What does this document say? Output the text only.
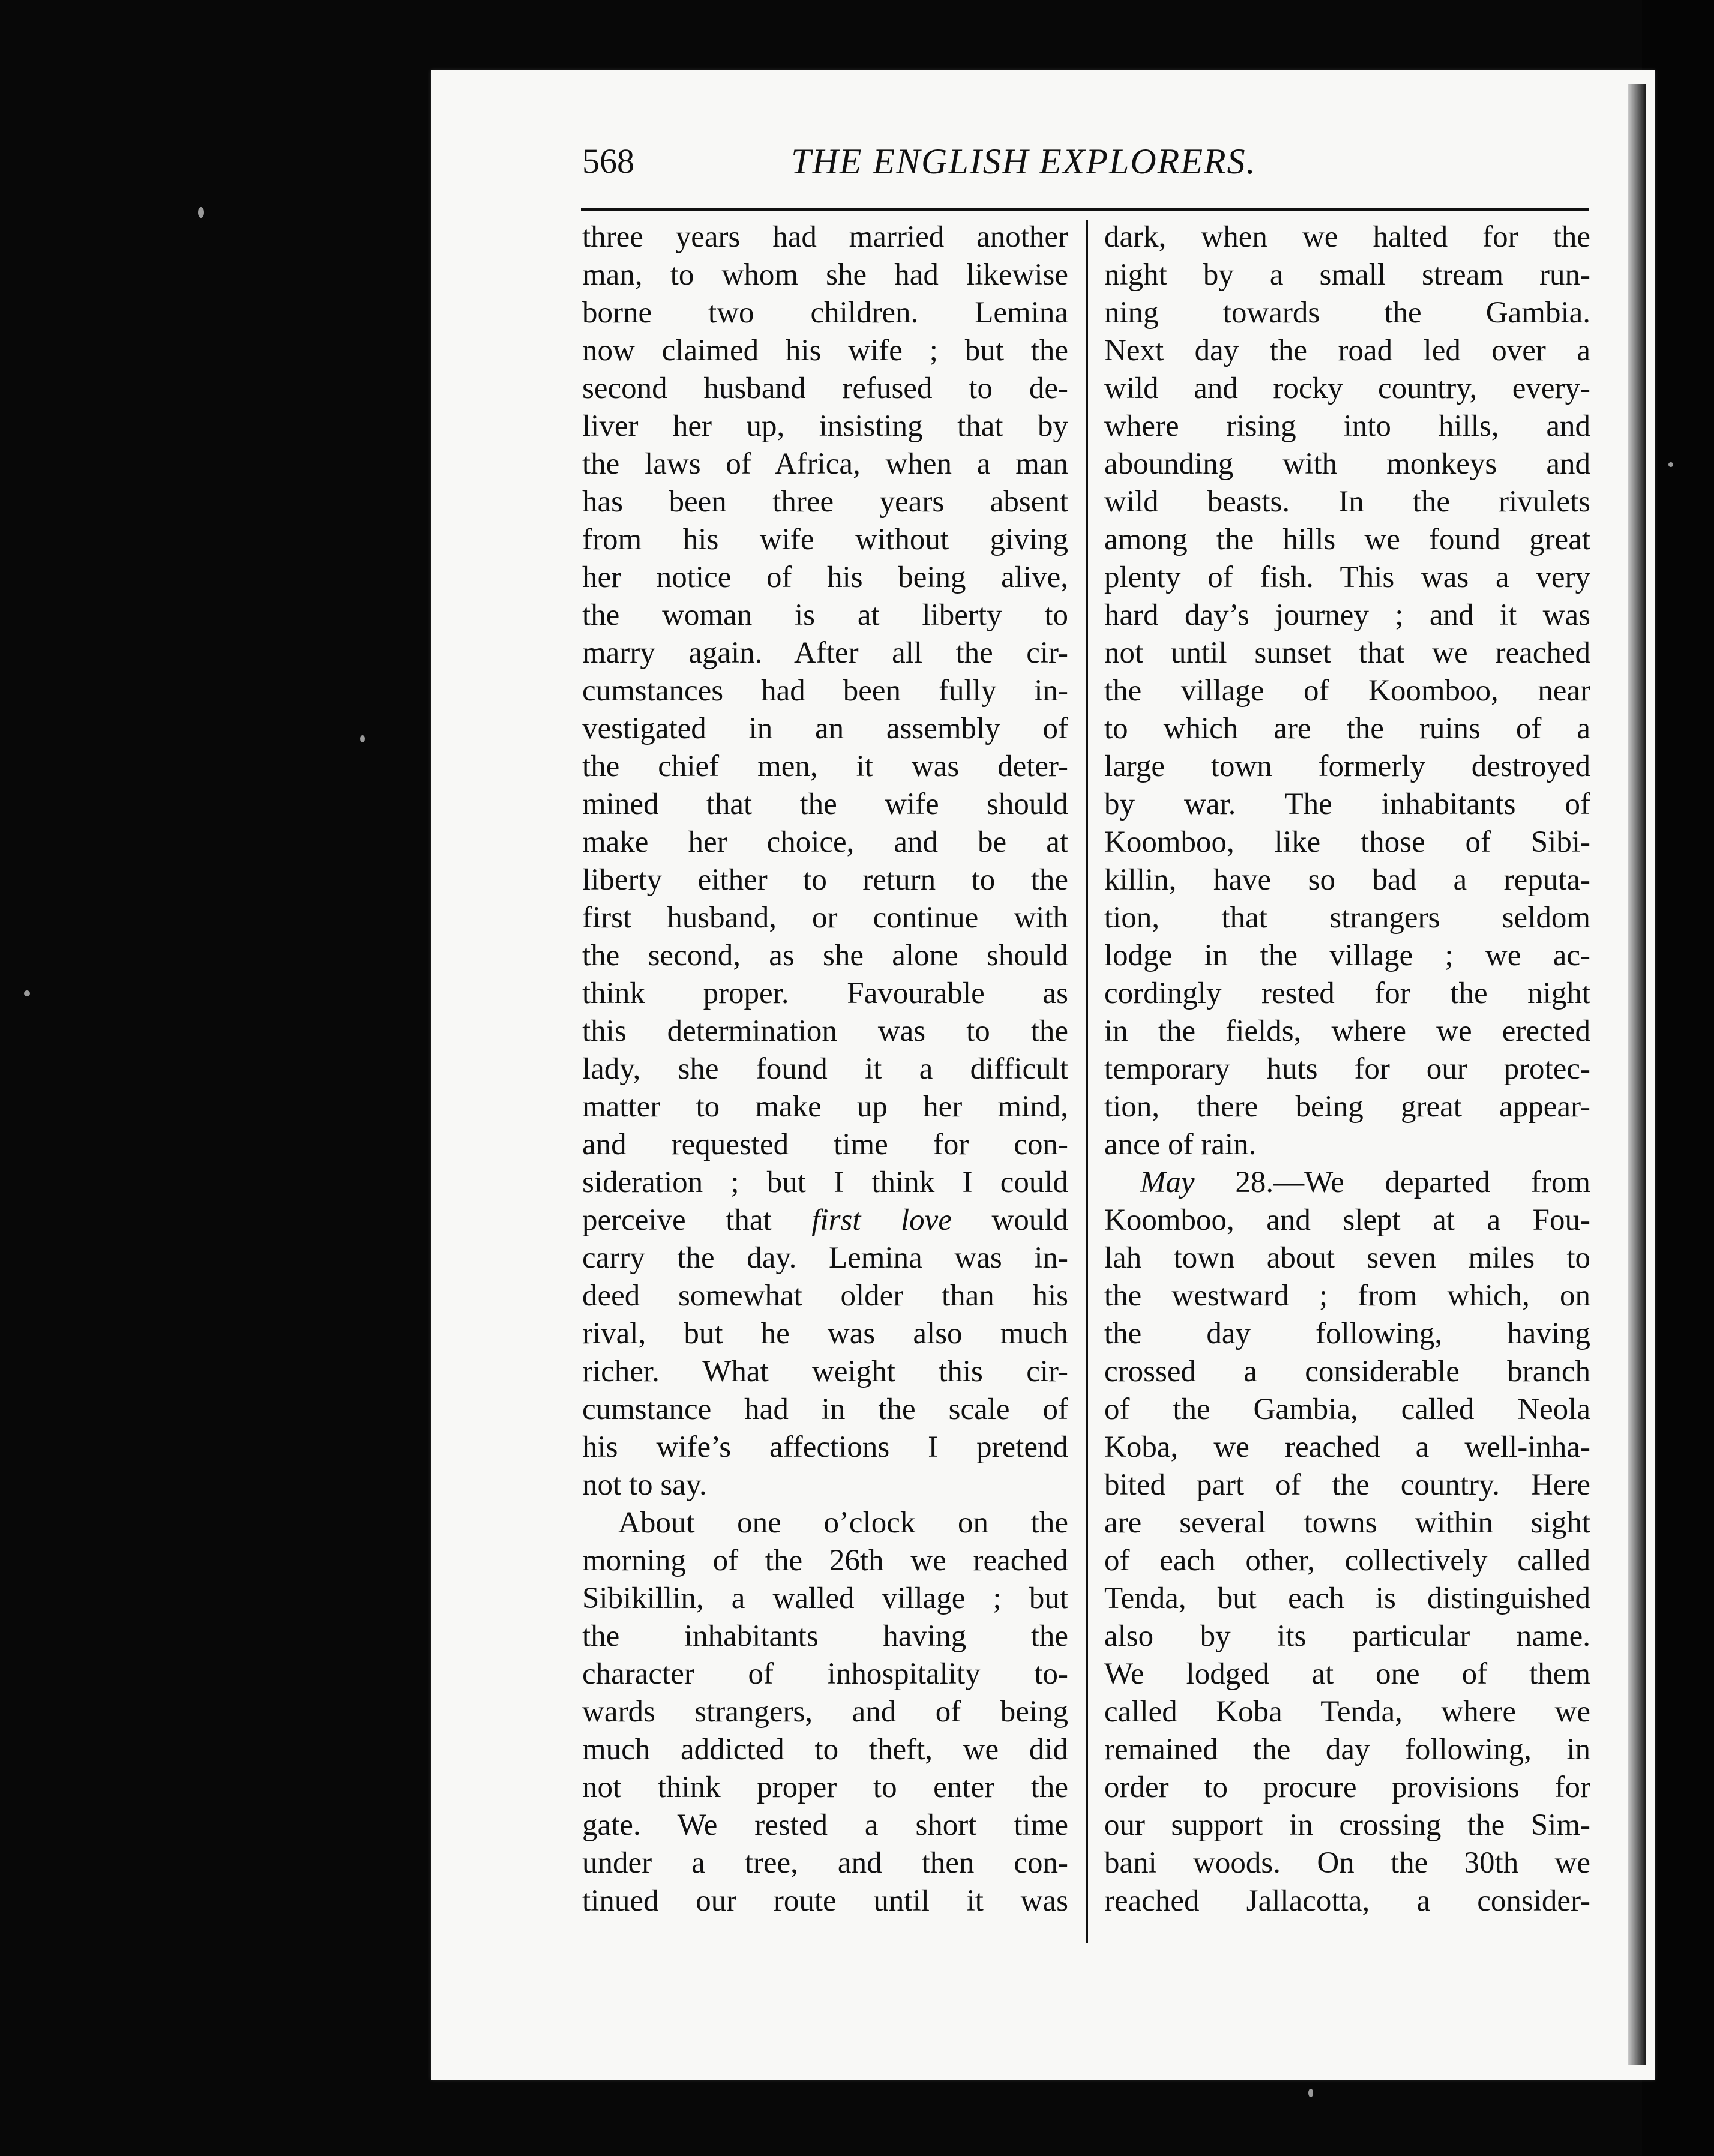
568	THE ENGLISH EXPLORERS.
three years had married another
man, to whom she had likewise
borne two children. Lemina
now claimed his wife ; but the
second husband refused to de-
liver her up, insisting that by
the laws of Africa, when a man
has been three years absent
from his wife without giving
her notice of his being alive,
the woman is at liberty to
marry again. After all the cir-
cumstances had been fully in-
vestigated in an assembly of
the chief men, it was deter-
mined that the wife should
make her choice, and be at
liberty either to return to the
first husband, or continue with
the second, as she alone should
think proper. Favourable as
this determination was to the
lady, she found it a difficult
matter to make up her mind,
and requested time for con-
sideration ; but I think I could
perceive that first love would
carry the day. Lemina was in-
deed somewhat older than his
rival, but he was also much
richer. What weight this cir-
cumstance had in the scale of
his wife’s affections I pretend
not to say.
About one o’clock on the
morning of the 26th we reached
Sibikillin, a walled village ; but
the inhabitants having the
character of inhospitality to-
wards strangers, and of being
much addicted to theft, we did
not think proper to enter the
gate. We rested a short time
under a tree, and then con-
tinued our route until it was
dark, when we halted for the
night by a small stream run-
ning towards the Gambia.
Next day the road led over a
wild and rocky country, every-
where rising into hills, and
abounding with monkeys and
wild beasts. In the rivulets
among the hills we found great
plenty of fish. This was a very
hard day’s journey ; and it was
not until sunset that we reached
the village of Koomboo, near
to which are the ruins of a
large town formerly destroyed
by war. The inhabitants of
Koomboo, like those of Sibi-
killin, have so bad a reputa-
tion, that strangers seldom
lodge in the village ; we ac-
cordingly rested for the night
in the fields, where we erected
temporary huts for our protec-
tion, there being great appear-
ance of rain.
May 28.—We departed from
Koomboo, and slept at a Fou-
lah town about seven miles to
the westward ; from which, on
the day following, having
crossed a considerable branch
of the Gambia, called Neola
Koba, we reached a well-inha-
bited part of the country. Here
are several towns within sight
of each other, collectively called
Tenda, but each is distinguished
also by its particular name.
We lodged at one of them
called Koba Tenda, where we
remained the day following, in
order to procure provisions for
our support in crossing the Sim-
bani woods. On the 30th we
reached Jallacotta, a consider-
